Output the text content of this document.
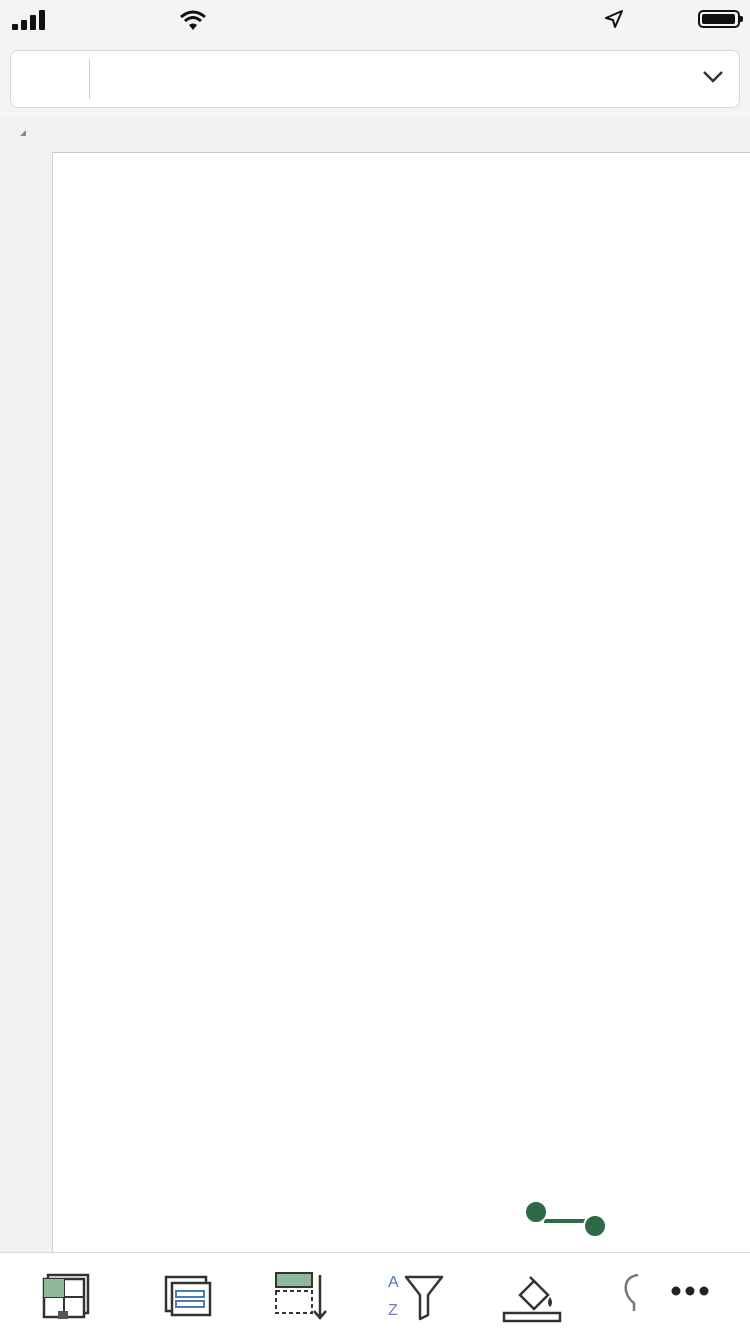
A
Z
